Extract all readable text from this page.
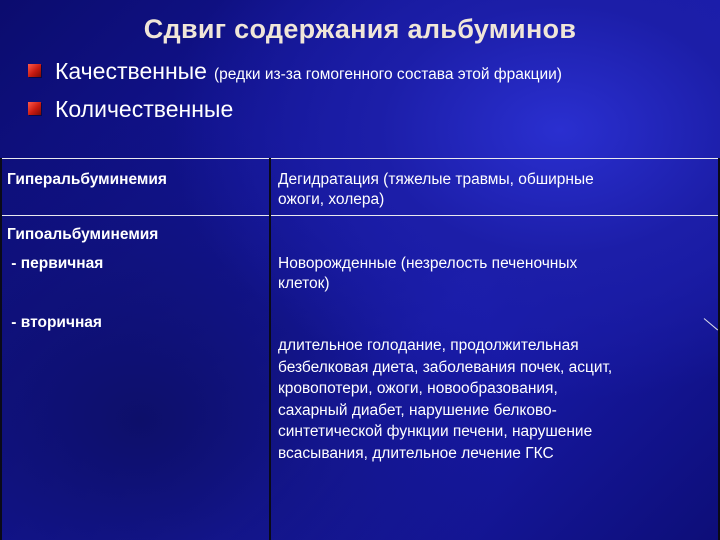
Сдвиг содержания альбуминов
Качественные (редки из-за гомогенного состава этой фракции)
Количественные
Гиперальбуминемия	Дегидратация (тяжелые травмы, обширные
ожоги, холера)
Гипоальбуминемия
- первичная
- вторичная
Новорожденные (незрелость печеночных
клеток)
длительное голодание, продолжительная
безбелковая диета, заболевания почек, асцит,
кровопотери, ожоги, новообразования,
сахарный диабет, нарушение белково-
синтетической функции печени, нарушение
всасывания, длительное лечение ГКС
